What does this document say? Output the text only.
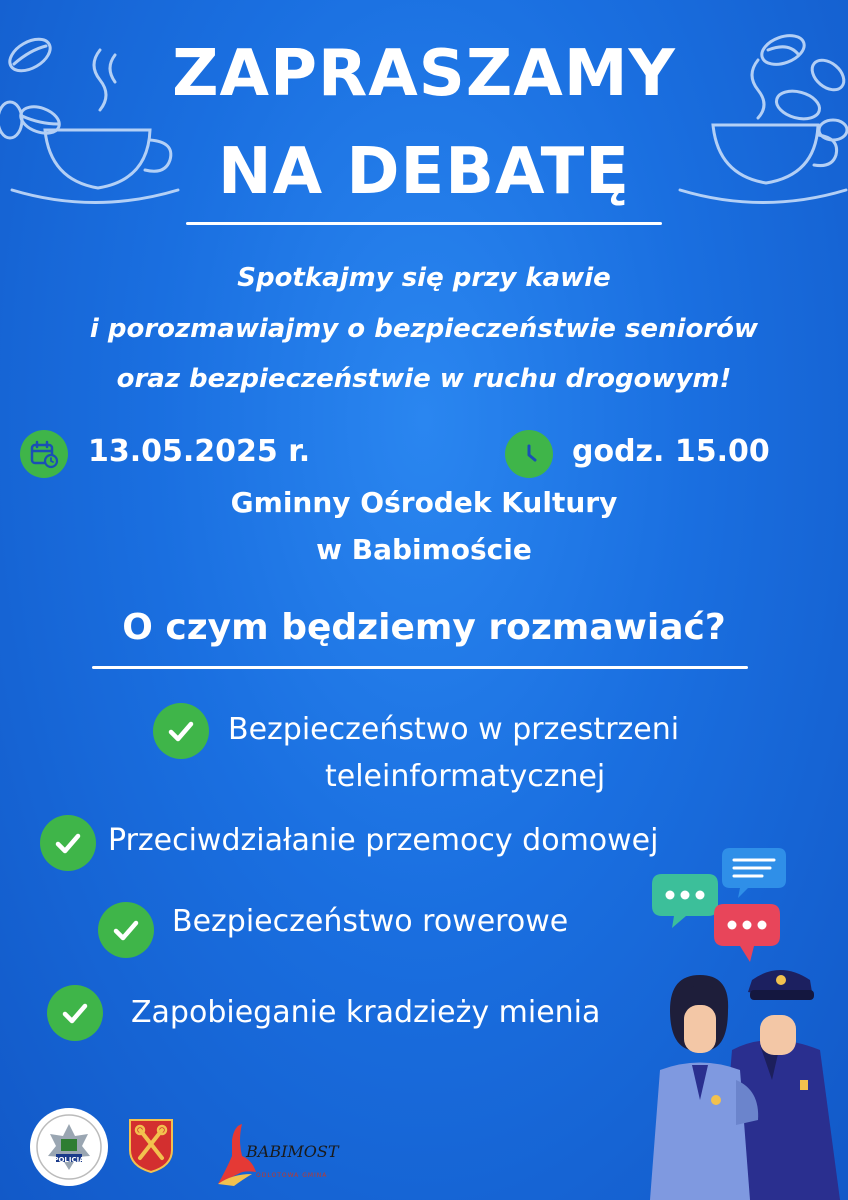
ZAPRASZAMY
NA DEBATĘ
Spotkajmy się przy kawie
i porozmawiajmy o bezpieczeństwie seniorów
oraz bezpieczeństwie w ruchu drogowym!
13.05.2025 r.	godz. 15.00
Gminny Ośrodek Kultury
w Babimoście
O czym będziemy rozmawiać?
Bezpieczeństwo w przestrzeni
teleinformatycznej
Przeciwdziałanie przemocy domowej
Bezpieczeństwo rowerowe
Zapobieganie kradzieży mienia
POLICJA	BABIMOST
ODLOTOWA GMINA
